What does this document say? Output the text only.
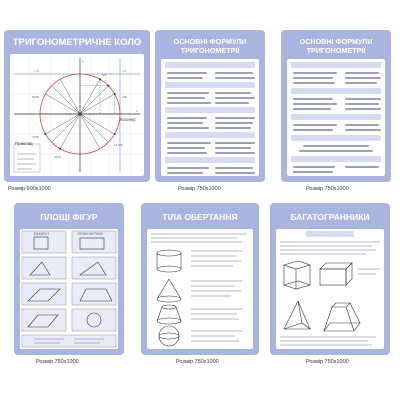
ТРИГОНОМЕТРИЧНЕ КОЛО
√3
-√3
y
x
π/6
π/3
5π/6
7π/6
11π/6
4π/3
Приклад
Косинус
Розмір 900x1000
ОСНОВНІ ФОРМУЛИ
ТРИГОНОМЕТРІЇ
Розмір 750x1000
ОСНОВНІ ФОРМУЛИ
ТРИГОНОМЕТРІЇ
Розмір 750x1000
ПЛОЩІ ФІГУР
КВАДРАТ	ПРЯМОКУТНИК
Розмір 750x1000
ТІЛА ОБЕРТАННЯ
Розмір 750x1000
БАГАТОГРАННИКИ
Розмір 750x1000
